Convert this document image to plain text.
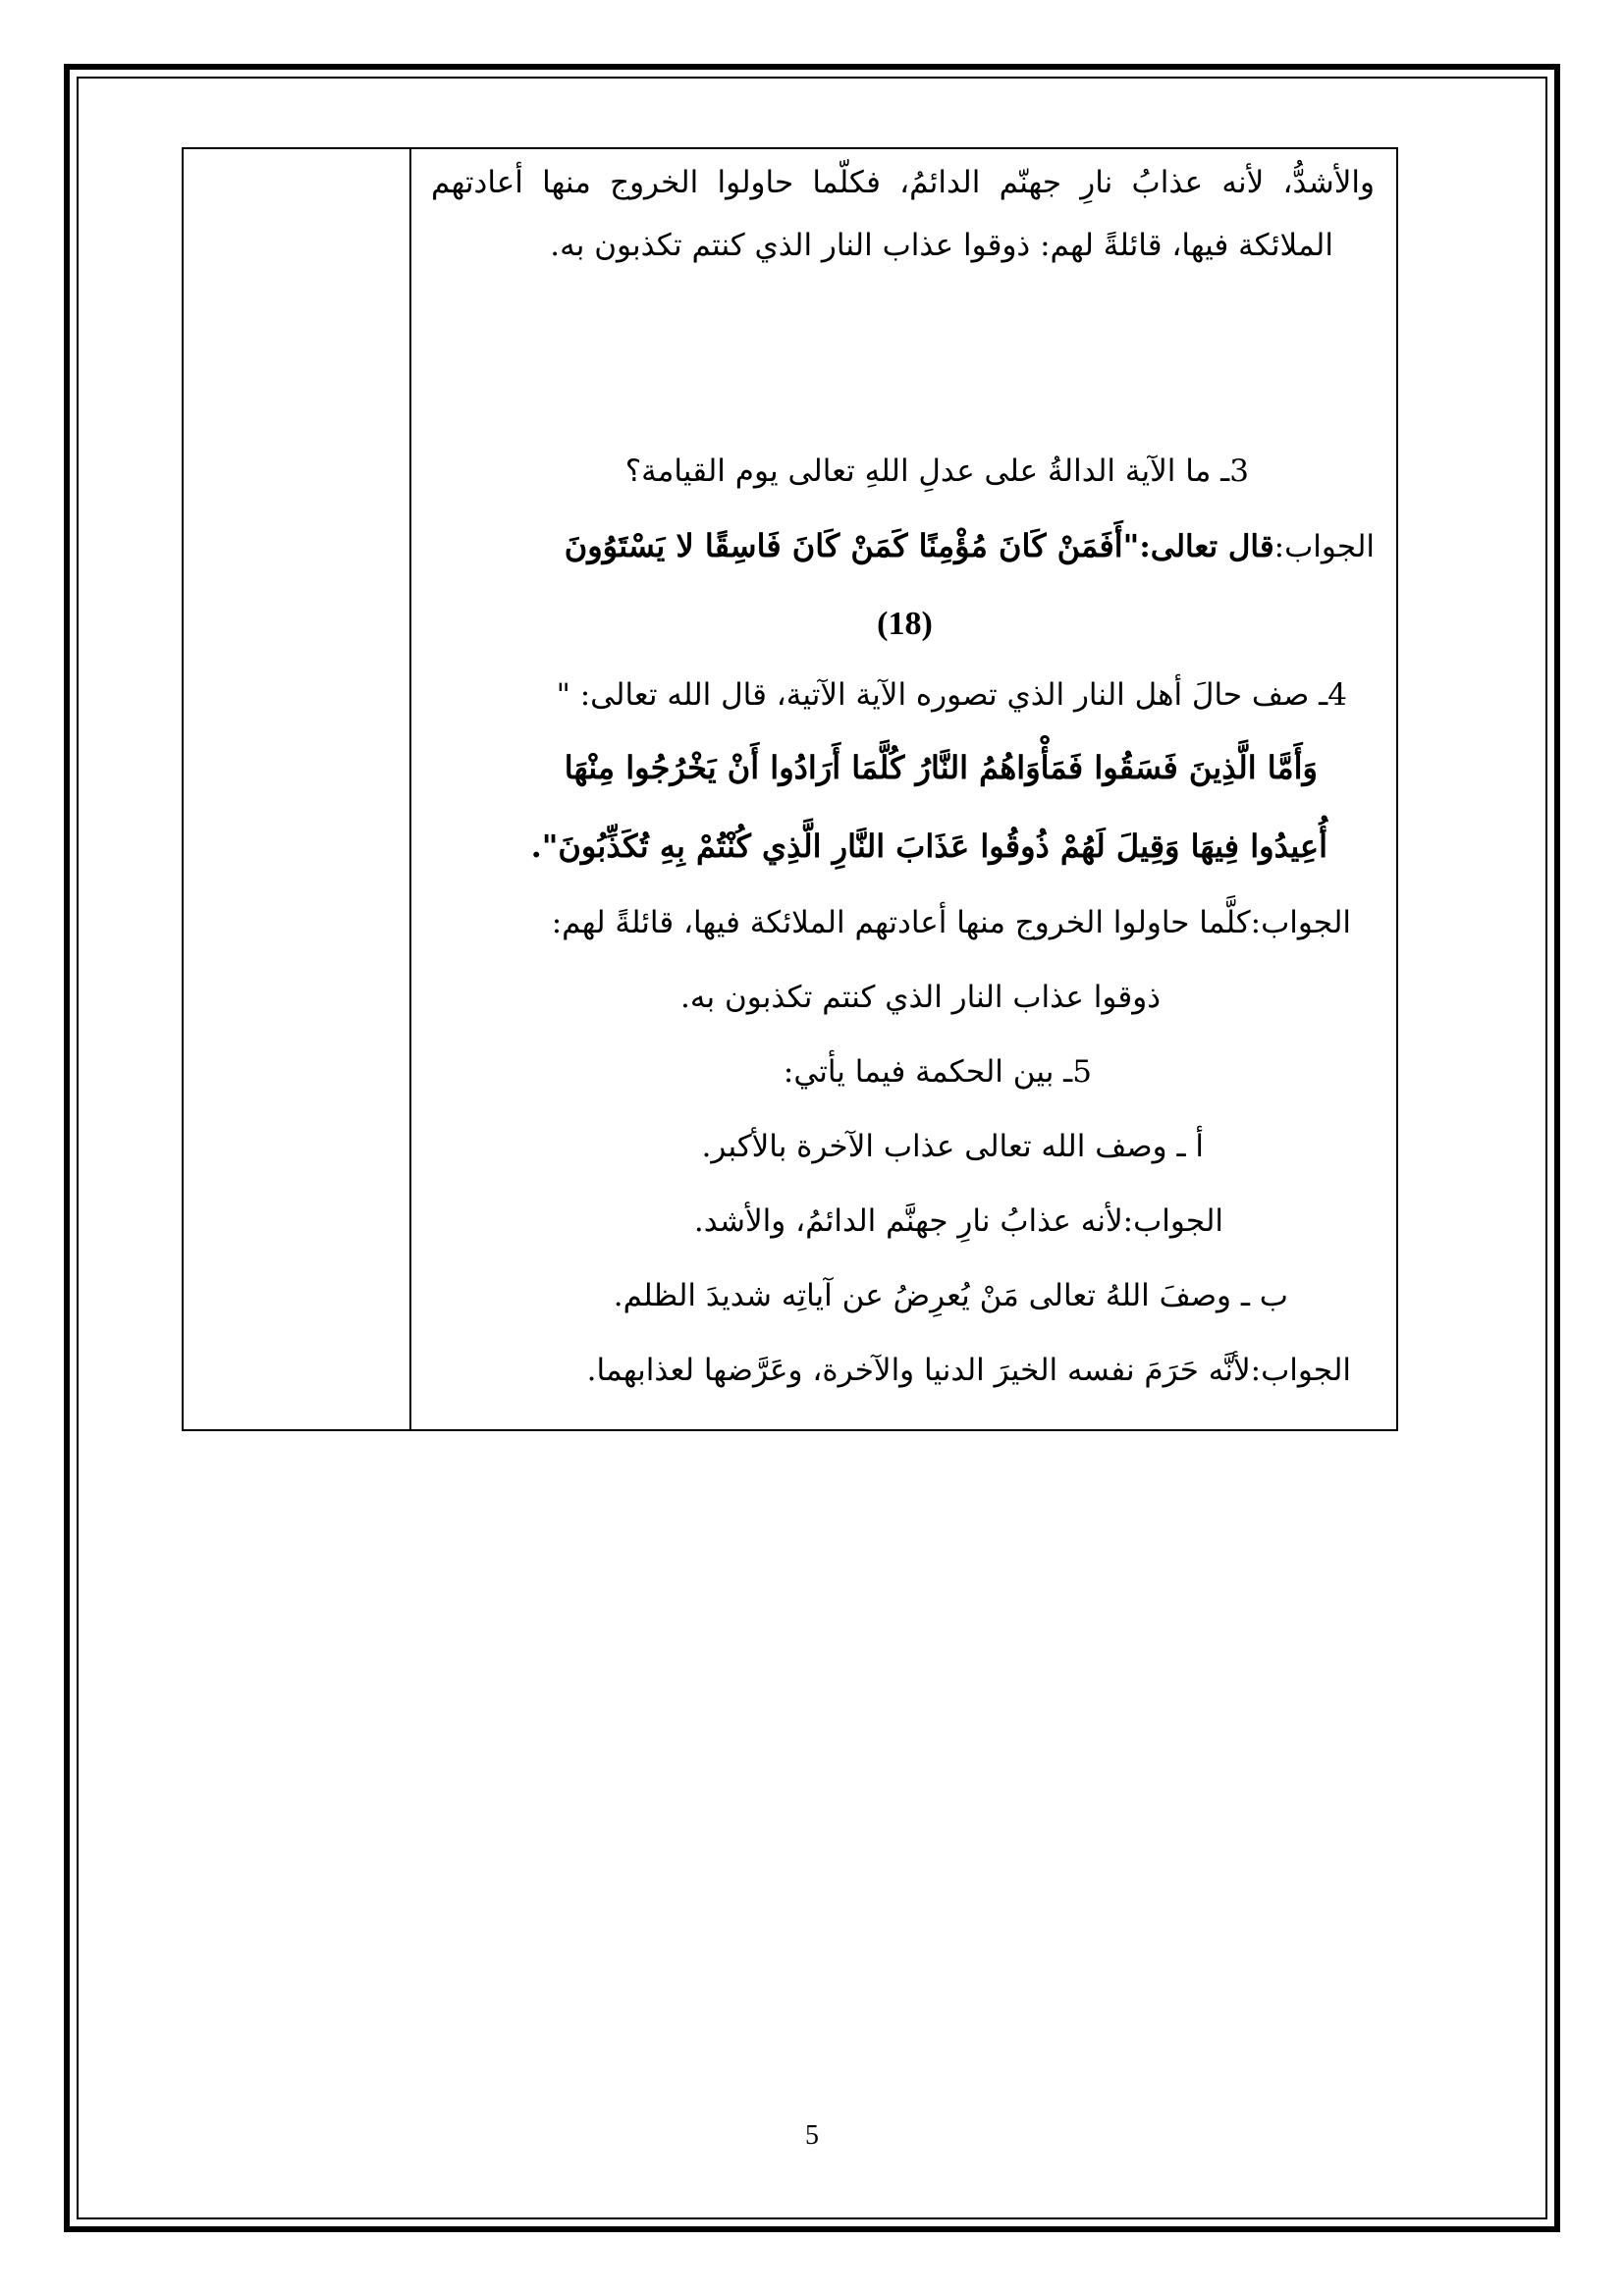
والأشدُّ، لأنه عذابُ نارِ جهنّم الدائمُ، فكلّما حاولوا الخروج منها أعادتهم
الملائكة فيها، قائلةً لهم: ذوقوا عذاب النار الذي كنتم تكذبون به.
3ـ ما الآية الدالةُ على عدلِ اللهِ تعالى يوم القيامة؟
الجواب:قال تعالى:"أَفَمَنْ كَانَ مُؤْمِنًا كَمَنْ كَانَ فَاسِقًا لا يَسْتَوُونَ
(18)
4ـ صف حالَ أهل النار الذي تصوره الآية الآتية، قال الله تعالى: "
وَأَمَّا الَّذِينَ فَسَقُوا فَمَأْوَاهُمُ النَّارُ كُلَّمَا أَرَادُوا أَنْ يَخْرُجُوا مِنْهَا
أُعِيدُوا فِيهَا وَقِيلَ لَهُمْ ذُوقُوا عَذَابَ النَّارِ الَّذِي كُنْتُمْ بِهِ تُكَذِّبُونَ".
الجواب:كلَّما حاولوا الخروج منها أعادتهم الملائكة فيها، قائلةً لهم:
ذوقوا عذاب النار الذي كنتم تكذبون به.
5ـ بين الحكمة فيما يأتي:
أ ـ وصف الله تعالى عذاب الآخرة بالأكبر.
الجواب:لأنه عذابُ نارِ جهنَّم الدائمُ، والأشد.
ب ـ وصفَ اللهُ تعالى مَنْ يُعرِضُ عن آياتِه شديدَ الظلم.
الجواب:لأنَّه حَرَمَ نفسه الخيرَ الدنيا والآخرة، وعَرَّضها لعذابهما.
5
